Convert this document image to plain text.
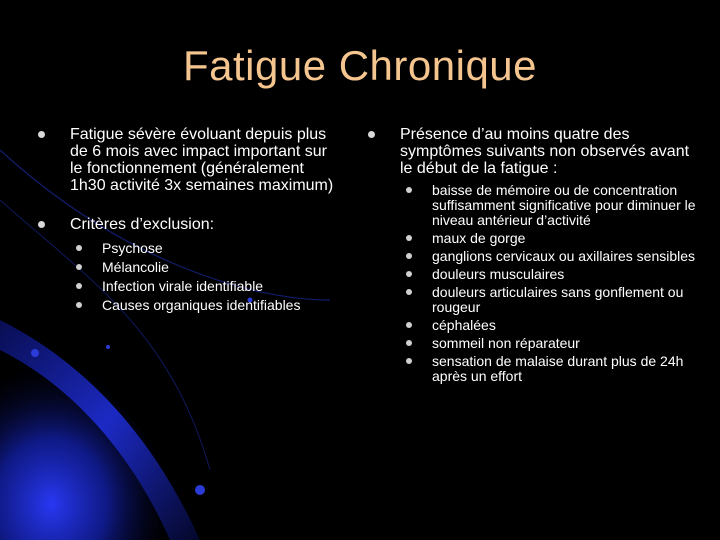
Fatigue Chronique
Fatigue sévère évoluant depuis plus de 6 mois avec impact important sur le fonctionnement (généralement 1h30 activité 3x semaines maximum)
Critères d’exclusion:
Psychose
Mélancolie
Infection virale identifiable
Causes organiques identifiables
Présence d’au moins quatre des symptômes suivants non observés avant le début de la fatigue :
baisse de mémoire ou de concentration suffisamment significative pour diminuer le niveau antérieur d’activité
maux de gorge
ganglions cervicaux ou axillaires sensibles
douleurs musculaires
douleurs articulaires sans gonflement ou rougeur
céphalées
sommeil non réparateur
sensation de malaise durant plus de 24h après un effort
